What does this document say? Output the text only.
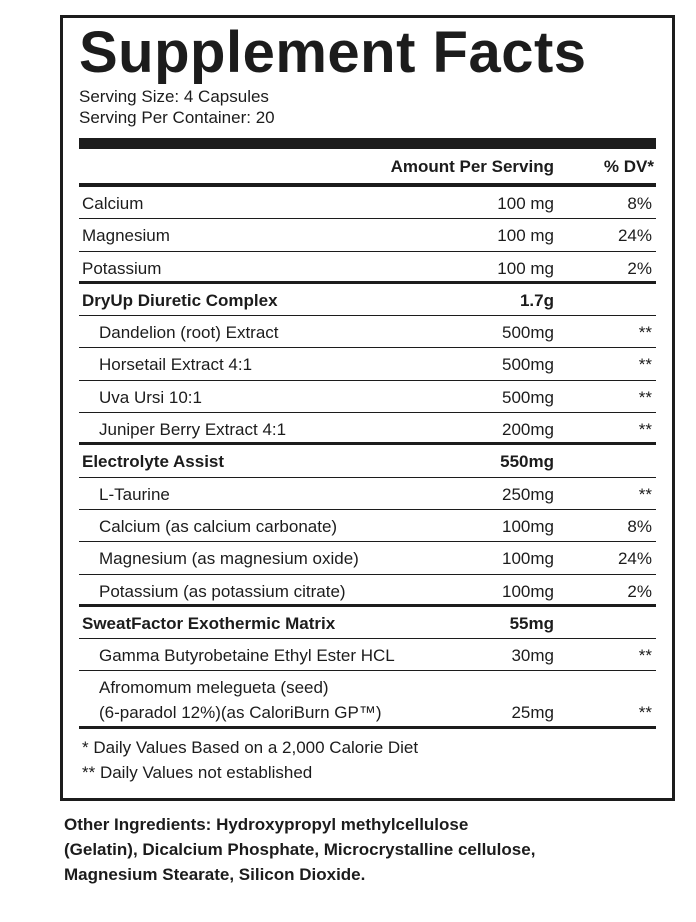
Supplement Facts
Serving Size: 4 Capsules
Serving Per Container: 20
Amount Per Serving	% DV*
Calcium	100 mg	8%
Magnesium	100 mg	24%
Potassium	100 mg	2%
DryUp Diuretic Complex	1.7g
Dandelion (root) Extract	500mg	**
Horsetail Extract 4:1	500mg	**
Uva Ursi 10:1	500mg	**
Juniper Berry Extract 4:1	200mg	**
Electrolyte Assist	550mg
L-Taurine	250mg	**
Calcium (as calcium carbonate)	100mg	8%
Magnesium (as magnesium oxide)	100mg	24%
Potassium (as potassium citrate)	100mg	2%
SweatFactor Exothermic Matrix	55mg
Gamma Butyrobetaine Ethyl Ester HCL	30mg	**
Afromomum melegueta (seed)
(6-paradol 12%)(as CaloriBurn GP™)	25mg	**
* Daily Values Based on a 2,000 Calorie Diet
** Daily Values not established
Other Ingredients: Hydroxypropyl methylcellulose
(Gelatin), Dicalcium Phosphate, Microcrystalline cellulose,
Magnesium Stearate, Silicon Dioxide.
